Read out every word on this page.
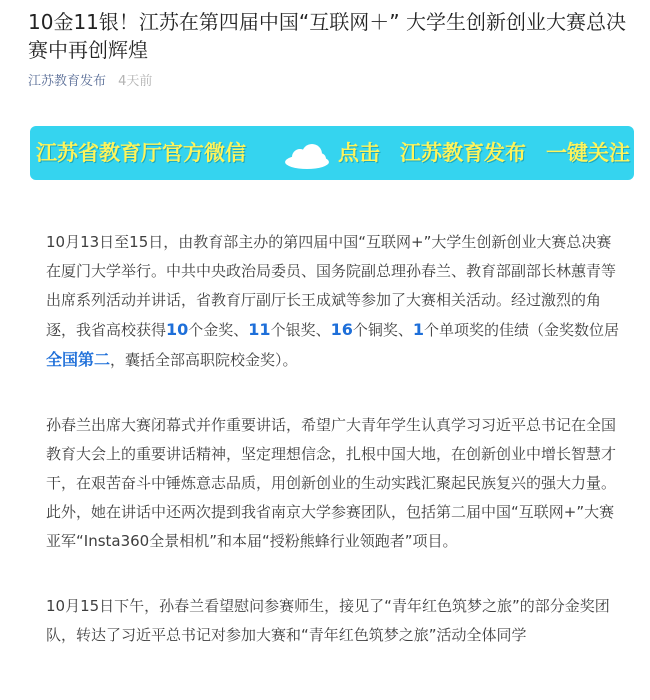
10金11银！江苏在第四届中国“互联网＋” 大学生创新创业大赛总决赛中再创辉煌
江苏教育发布 4天前
江苏省教育厅官方微信	点击 江苏教育发布 一键关注

10月13日至15日，由教育部主办的第四届中国“互联网+”大学生创新创业大赛总决赛在厦门大学举行。中共中央政治局委员、国务院副总理孙春兰、教育部副部长林蕙青等出席系列活动并讲话，省教育厅副厅长王成斌等参加了大赛相关活动。经过激烈的角逐，我省高校获得10个金奖、11个银奖、16个铜奖、1个单项奖的佳绩（金奖数位居全国第二，囊括全部高职院校金奖）。

孙春兰出席大赛闭幕式并作重要讲话，希望广大青年学生认真学习习近平总书记在全国教育大会上的重要讲话精神，坚定理想信念，扎根中国大地，在创新创业中增长智慧才干，在艰苦奋斗中锤炼意志品质，用创新创业的生动实践汇聚起民族复兴的强大力量。此外，她在讲话中还两次提到我省南京大学参赛团队，包括第二届中国“互联网+”大赛亚军“Insta360全景相机”和本届“授粉熊蜂行业领跑者”项目。

10月15日下午，孙春兰看望慰问参赛师生，接见了“青年红色筑梦之旅”的部分金奖团队，转达了习近平总书记对参加大赛和“青年红色筑梦之旅”活动全体同学
